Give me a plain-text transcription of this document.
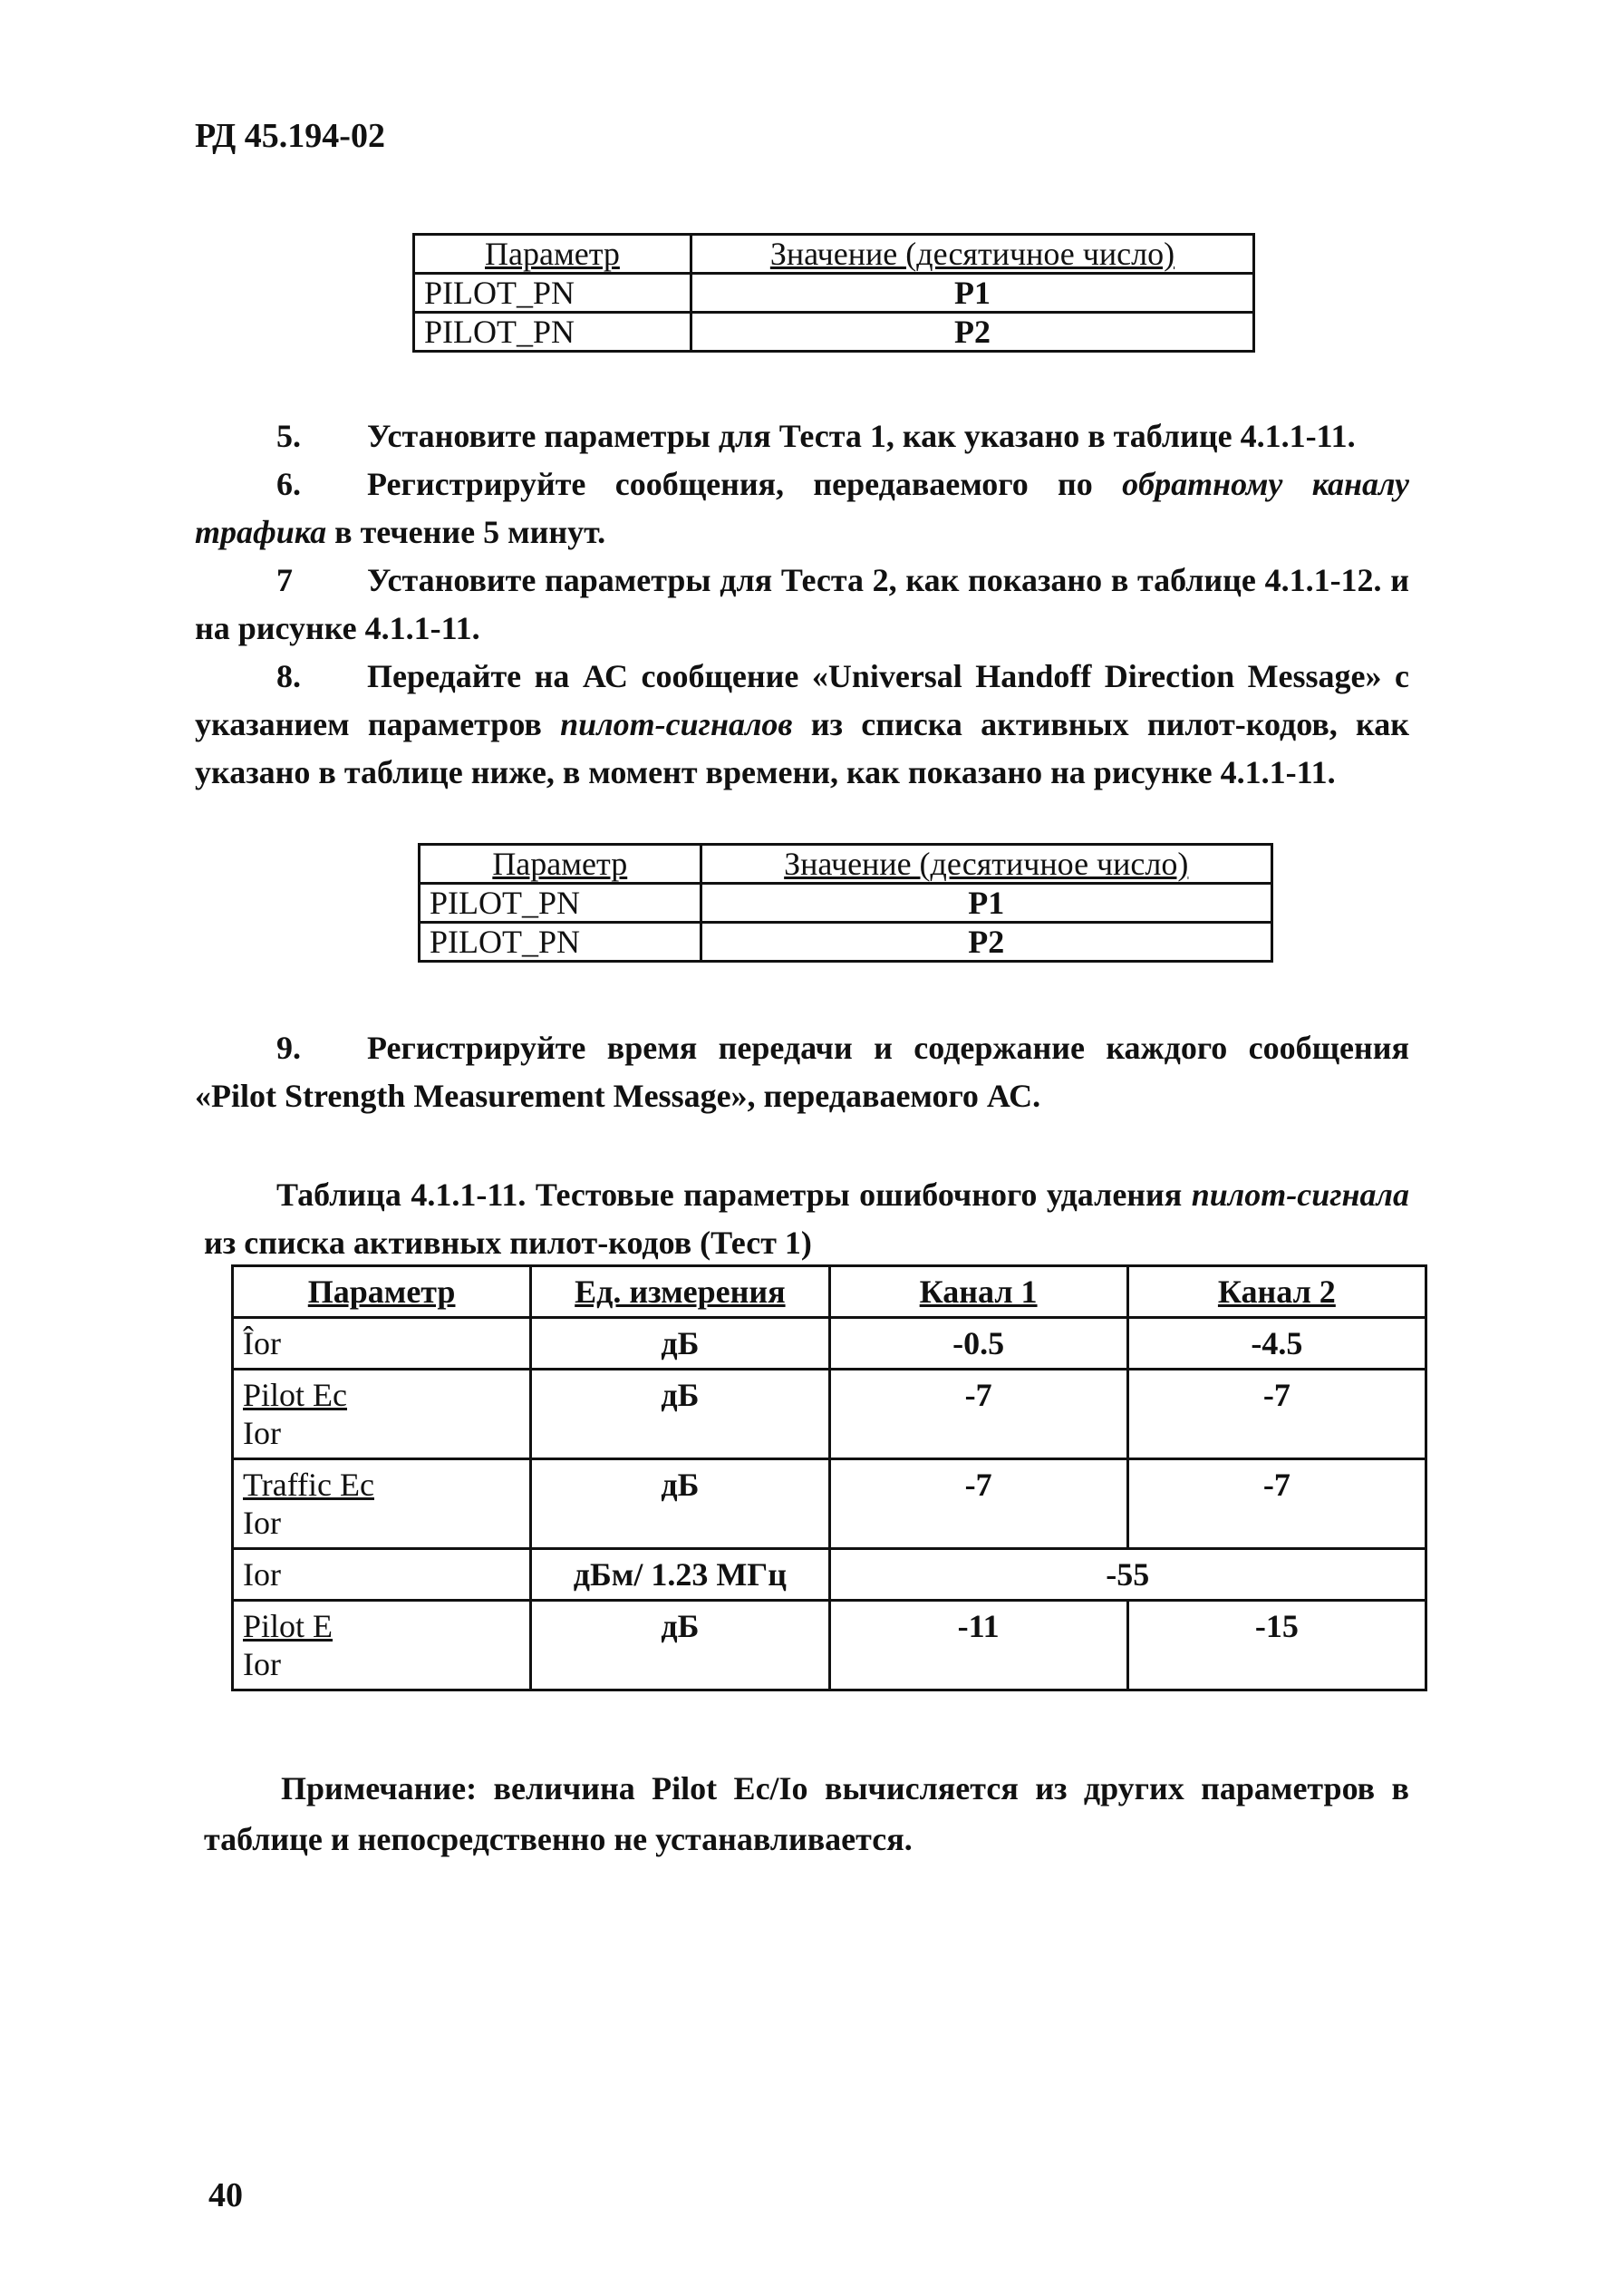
РД 45.194-02
Параметр	Значение (десятичное число)
PILOT_PN	P1
PILOT_PN	P2

5. Установите параметры для Теста 1, как указано в таблице 4.1.1-11.

6. Регистрируйте сообщения, передаваемого по обратному каналу трафика в течение 5 минут.

7 Установите параметры для Теста 2, как показано в таблице 4.1.1-12. и на рисунке 4.1.1-11.

8. Передайте на АС сообщение «Universal Handoff Direction Message» с указанием параметров пилот-сигналов из списка активных пилот-кодов, как указано в таблице ниже, в момент времени, как показано на рисунке 4.1.1-11.

Параметр	Значение (десятичное число)
PILOT_PN	P1
PILOT_PN	P2

9. Регистрируйте время передачи и содержание каждого сообщения «Pilot Strength Measurement Message», передаваемого АС.

Таблица 4.1.1-11. Тестовые параметры ошибочного удаления пилот-сигнала из списка активных пилот-кодов (Тест 1)
Параметр	Ед. измерения	Канал 1	Канал 2
Îor	дБ	-0.5	-4.5

Pilot Ec
Ior	дБ	-7	-7

Traffic Ec
Ior	дБ	-7	-7
Ior	дБм/ 1.23 МГц	-55	

Pilot E
Ior	дБ	-11	-15
Примечание: величина Pilot Ec/Io вычисляется из других параметров в таблице и непосредственно не устанавливается.
40
